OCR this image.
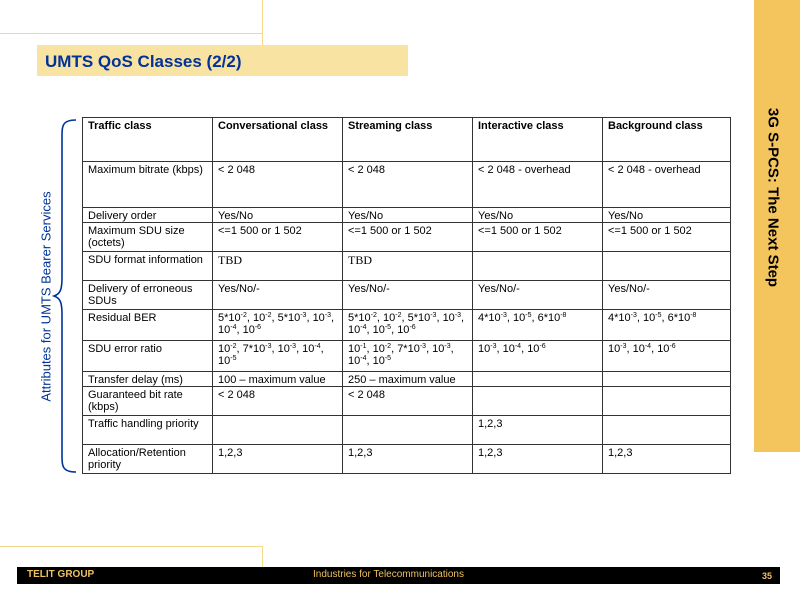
UMTS QoS Classes (2/2)
3G S-PCS: The Next Step
Attributes for UMTS Bearer Services
Traffic class	Conversational class	Streaming class	Interactive class	Background class
Maximum bitrate (kbps)	< 2 048	< 2 048	< 2 048 - overhead	< 2 048 - overhead
Delivery order	Yes/No	Yes/No	Yes/No	Yes/No
Maximum SDU size (octets)	<=1 500 or 1 502	<=1 500 or 1 502	<=1 500 or 1 502	<=1 500 or 1 502
SDU format information	TBD	TBD		
Delivery of erroneous SDUs	Yes/No/-	Yes/No/-	Yes/No/-	Yes/No/-
Residual BER	$5*10^{-2}$, $10^{-2}$, $5*10^{-3}$, $10^{-3}$, $10^{-4}$, $10^{-6}$	$5*10^{-2}$, $10^{-2}$, $5*10^{-3}$, $10^{-3}$, $10^{-4}$, $10^{-5}$, $10^{-6}$	$4*10^{-3}$, $10^{-5}$, $6*10^{-8}$	$4*10^{-3}$, $10^{-5}$, $6*10^{-8}$
SDU error ratio	$10^{-2}$, $7*10^{-3}$, $10^{-3}$, $10^{-4}$, $10^{-5}$	$10^{-1}$, $10^{-2}$, $7*10^{-3}$, $10^{-3}$, $10^{-4}$, $10^{-5}$	$10^{-3}$, $10^{-4}$, $10^{-6}$	$10^{-3}$, $10^{-4}$, $10^{-6}$
Transfer delay (ms)	100 – maximum value	250 – maximum value		
Guaranteed bit rate (kbps)	< 2 048	< 2 048		
Traffic handling priority			1,2,3	
Allocation/Retention priority	1,2,3	1,2,3	1,2,3	1,2,3
TELIT GROUP	Industries for Telecommunications	35
